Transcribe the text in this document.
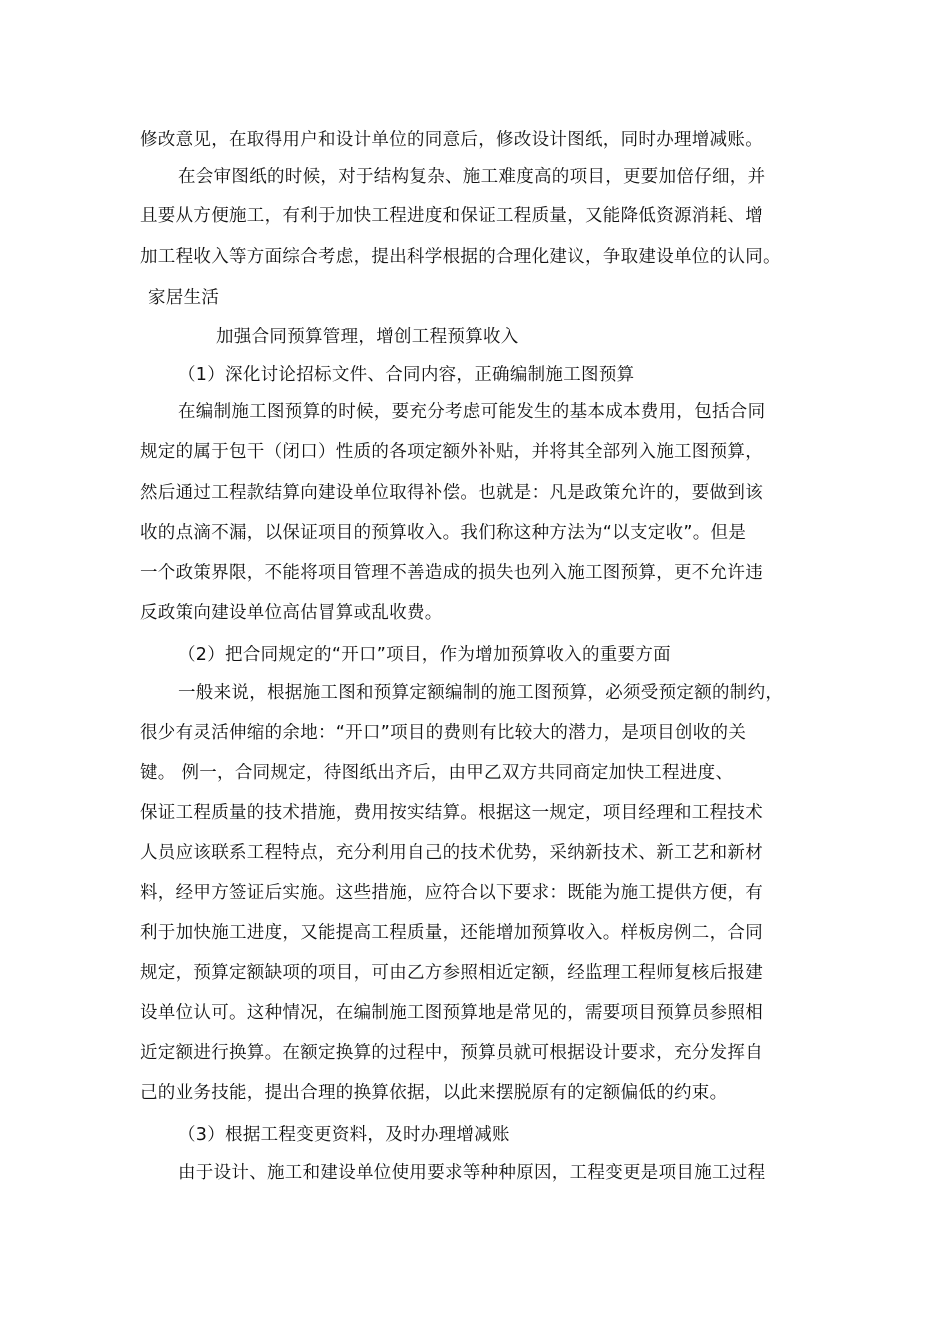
修改意见，在取得用户和设计单位的同意后，修改设计图纸，同时办理增减账。
在会审图纸的时候，对于结构复杂、施工难度高的项目，更要加倍仔细，并
且要从方便施工，有利于加快工程进度和保证工程质量，又能降低资源消耗、增
加工程收入等方面综合考虑，提出科学根据的合理化建议，争取建设单位的认同。
家居生活
加强合同预算管理，增创工程预算收入
（1）深化讨论招标文件、合同内容，正确编制施工图预算
在编制施工图预算的时候，要充分考虑可能发生的基本成本费用，包括合同
规定的属于包干（闭口）性质的各项定额外补贴，并将其全部列入施工图预算，
然后通过工程款结算向建设单位取得补偿。也就是：凡是政策允许的，要做到该
收的点滴不漏，以保证项目的预算收入。我们称这种方法为“以支定收”。但是
一个政策界限，不能将项目管理不善造成的损失也列入施工图预算，更不允许违
反政策向建设单位高估冒算或乱收费。
（2）把合同规定的“开口”项目，作为增加预算收入的重要方面
一般来说，根据施工图和预算定额编制的施工图预算，必须受预定额的制约，
很少有灵活伸缩的余地：“开口”项目的费则有比较大的潜力，是项目创收的关
键。 例一，合同规定，待图纸出齐后，由甲乙双方共同商定加快工程进度、
保证工程质量的技术措施，费用按实结算。根据这一规定，项目经理和工程技术
人员应该联系工程特点，充分利用自己的技术优势，采纳新技术、新工艺和新材
料，经甲方签证后实施。这些措施，应符合以下要求：既能为施工提供方便，有
利于加快施工进度，又能提高工程质量，还能增加预算收入。样板房例二，合同
规定，预算定额缺项的项目，可由乙方参照相近定额，经监理工程师复核后报建
设单位认可。这种情况，在编制施工图预算地是常见的，需要项目预算员参照相
近定额进行换算。在额定换算的过程中，预算员就可根据设计要求，充分发挥自
己的业务技能，提出合理的换算依据，以此来摆脱原有的定额偏低的约束。
（3）根据工程变更资料，及时办理增减账
由于设计、施工和建设单位使用要求等种种原因，工程变更是项目施工过程
